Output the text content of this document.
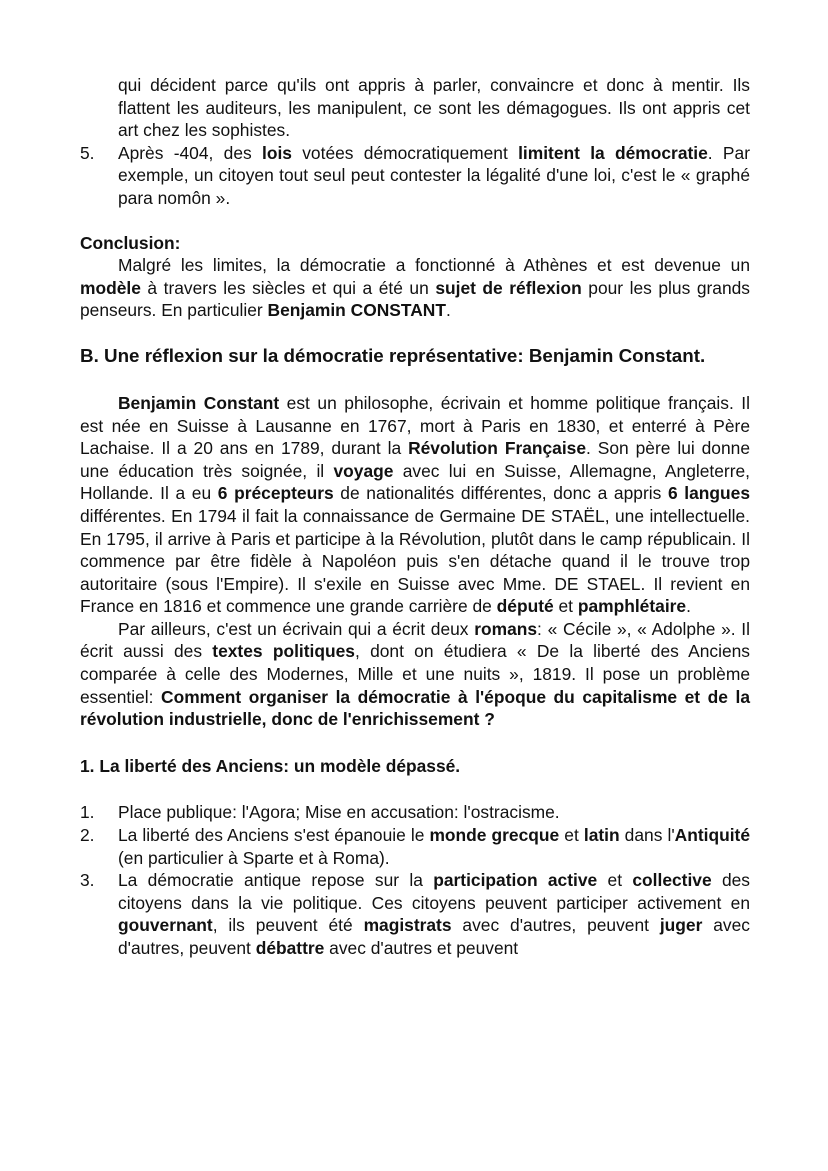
qui décident parce qu'ils ont appris à parler, convaincre et donc à mentir. Ils flattent les auditeurs, les manipulent, ce sont les démagogues. Ils ont appris cet art chez les sophistes.
5. Après -404, des lois votées démocratiquement limitent la démocratie. Par exemple, un citoyen tout seul peut contester la légalité d'une loi, c'est le « graphé para nomôn ».
Conclusion:
Malgré les limites, la démocratie a fonctionné à Athènes et est devenue un modèle à travers les siècles et qui a été un sujet de réflexion pour les plus grands penseurs. En particulier Benjamin CONSTANT.
B. Une réflexion sur la démocratie représentative: Benjamin Constant.
Benjamin Constant est un philosophe, écrivain et homme politique français. Il est née en Suisse à Lausanne en 1767, mort à Paris en 1830, et enterré à Père Lachaise. Il a 20 ans en 1789, durant la Révolution Française. Son père lui donne une éducation très soignée, il voyage avec lui en Suisse, Allemagne, Angleterre, Hollande. Il a eu 6 précepteurs de nationalités différentes, donc a appris 6 langues différentes. En 1794 il fait la connaissance de Germaine DE STAËL, une intellectuelle. En 1795, il arrive à Paris et participe à la Révolution, plutôt dans le camp républicain. Il commence par être fidèle à Napoléon puis s'en détache quand il le trouve trop autoritaire (sous l'Empire). Il s'exile en Suisse avec Mme. DE STAEL. Il revient en France en 1816 et commence une grande carrière de député et pamphlétaire.
Par ailleurs, c'est un écrivain qui a écrit deux romans: « Cécile », « Adolphe ». Il écrit aussi des textes politiques, dont on étudiera « De la liberté des Anciens comparée à celle des Modernes, Mille et une nuits », 1819. Il pose un problème essentiel: Comment organiser la démocratie à l'époque du capitalisme et de la révolution industrielle, donc de l'enrichissement ?
1. La liberté des Anciens: un modèle dépassé.
1. Place publique: l'Agora; Mise en accusation: l'ostracisme.
2. La liberté des Anciens s'est épanouie le monde grecque et latin dans l'Antiquité (en particulier à Sparte et à Roma).
3. La démocratie antique repose sur la participation active et collective des citoyens dans la vie politique. Ces citoyens peuvent participer activement en gouvernant, ils peuvent été magistrats avec d'autres, peuvent juger avec d'autres, peuvent débattre avec d'autres et peuvent
